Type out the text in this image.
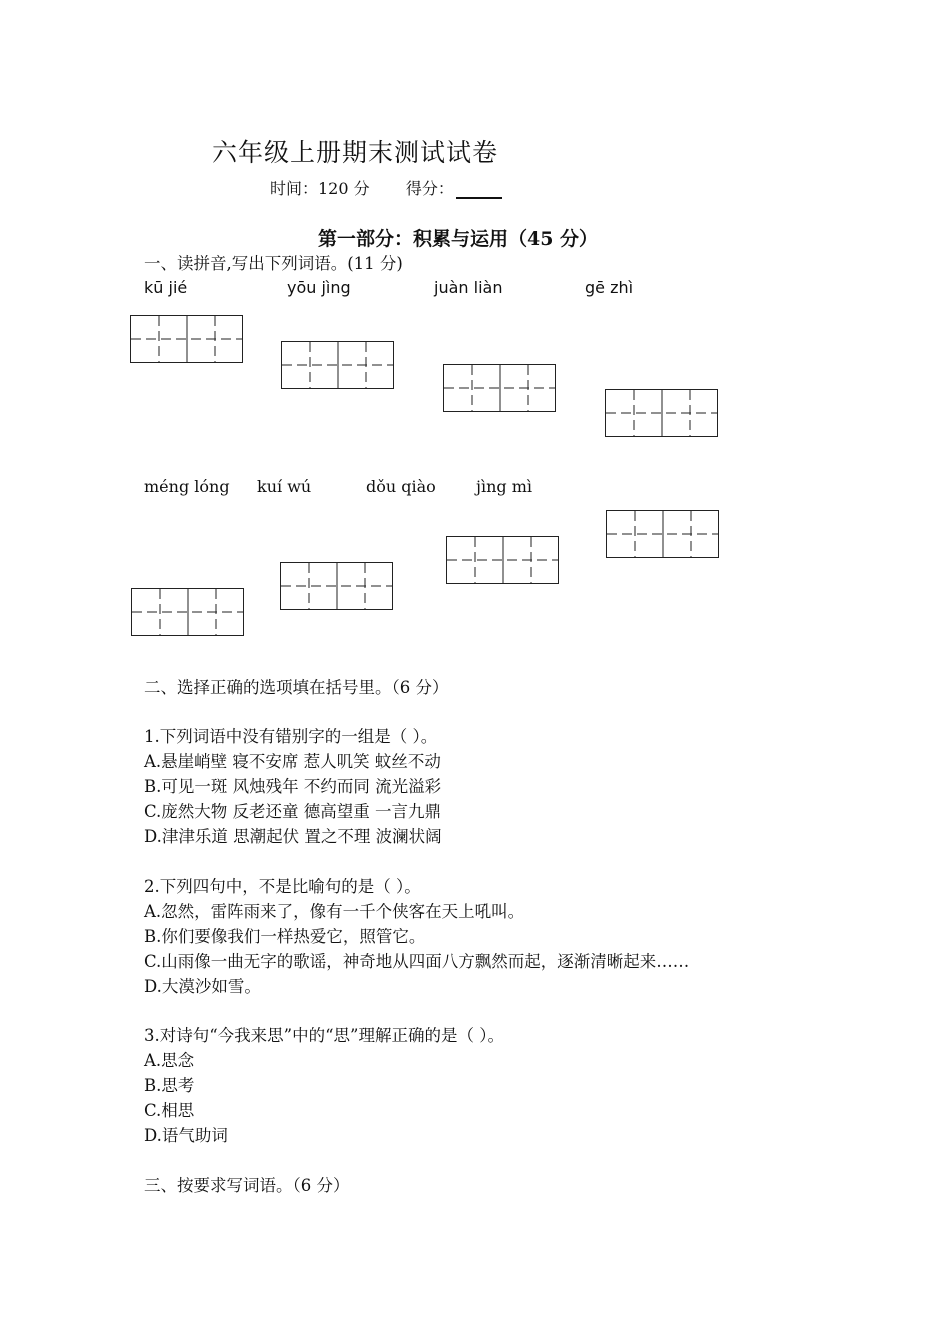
六年级上册期末测试试卷
时间：120 分 得分：
第一部分：积累与运用（45 分）
一、读拼音,写出下列词语。(11 分)
kū jié	yōu jìng	juàn liàn	gē zhì
méng lóng kuí wú	dǒu qiào	jìng mì
二、选择正确的选项填在括号里。（6 分）
1.下列词语中没有错别字的一组是（ ）。
A.悬崖峭壁 寝不安席 惹人叽笑 蚊丝不动
B.可见一斑 风烛残年 不约而同 流光溢彩
C.庞然大物 反老还童 德高望重 一言九鼎
D.津津乐道 思潮起伏 置之不理 波澜状阔
2.下列四句中，不是比喻句的是（ ）。
A.忽然，雷阵雨来了，像有一千个侠客在天上吼叫。
B.你们要像我们一样热爱它，照管它。
C.山雨像一曲无字的歌谣，神奇地从四面八方飘然而起，逐渐清晰起来……
D.大漠沙如雪。
3.对诗句“今我来思”中的“思”理解正确的是（ ）。
A.思念
B.思考
C.相思
D.语气助词
三、按要求写词语。（6 分）
